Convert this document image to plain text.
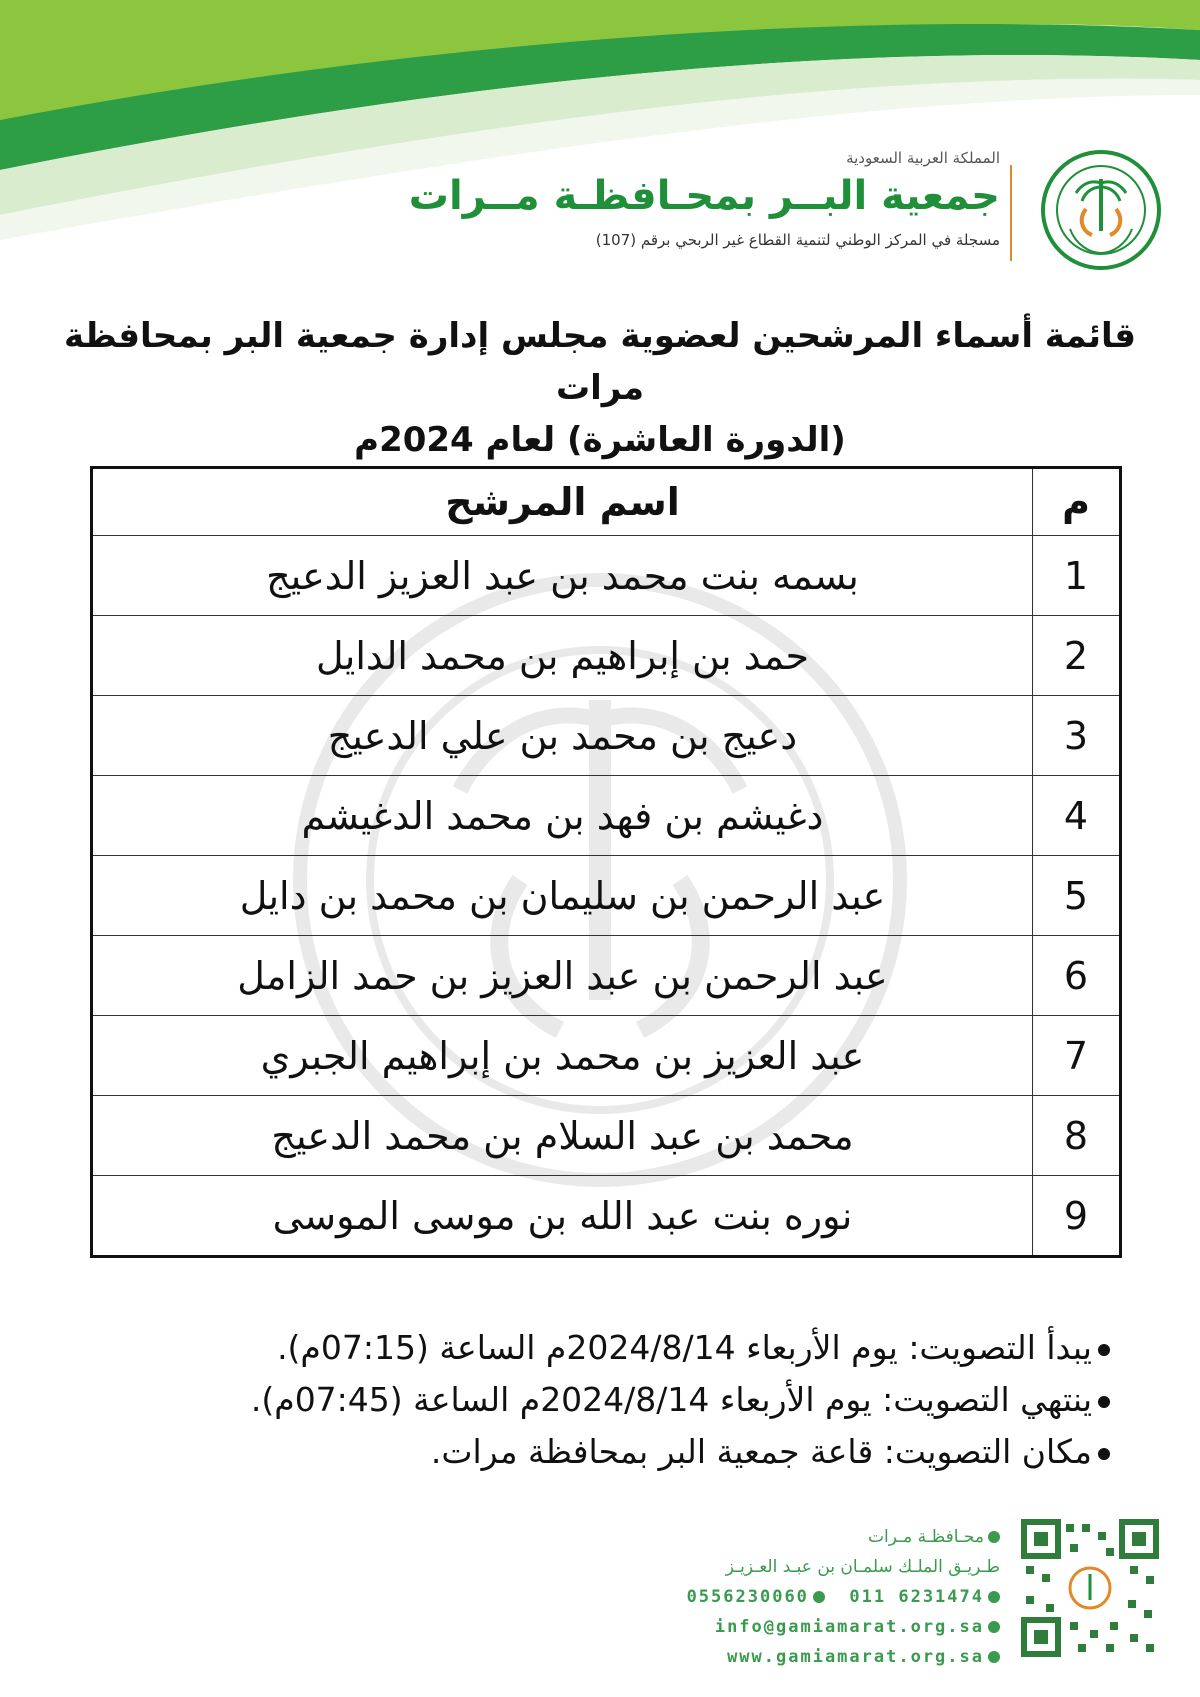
المملكة العربية السعودية
جمعية البــر بمحـافظـة مــرات
مسجلة في المركز الوطني لتنمية القطاع غير الربحي برقم (107)
قائمة أسماء المرشحين لعضوية مجلس إدارة جمعية البر بمحافظة مرات
(الدورة العاشرة) لعام 2024م
م	اسم المرشح
1	بسمه بنت محمد بن عبد العزيز الدعيج
2	حمد بن إبراهيم بن محمد الدايل
3	دعيج بن محمد بن علي الدعيج
4	دغيشم بن فهد بن محمد الدغيشم
5	عبد الرحمن بن سليمان بن محمد بن دايل
6	عبد الرحمن بن عبد العزيز بن حمد الزامل
7	عبد العزيز بن محمد بن إبراهيم الجبري
8	محمد بن عبد السلام بن محمد الدعيج
9	نوره بنت عبد الله بن موسى الموسى
يبدأ التصويت: يوم الأربعاء 2024/8/14م الساعة (07:15م).
ينتهي التصويت: يوم الأربعاء 2024/8/14م الساعة (07:45م).
مكان التصويت: قاعة جمعية البر بمحافظة مرات.
محـافظـة مـرات
طـريـق الملـك سلمـان بن عبـد العـزيـز
0556230060 011 6231474
info@gamiamarat.org.sa
www.gamiamarat.org.sa
